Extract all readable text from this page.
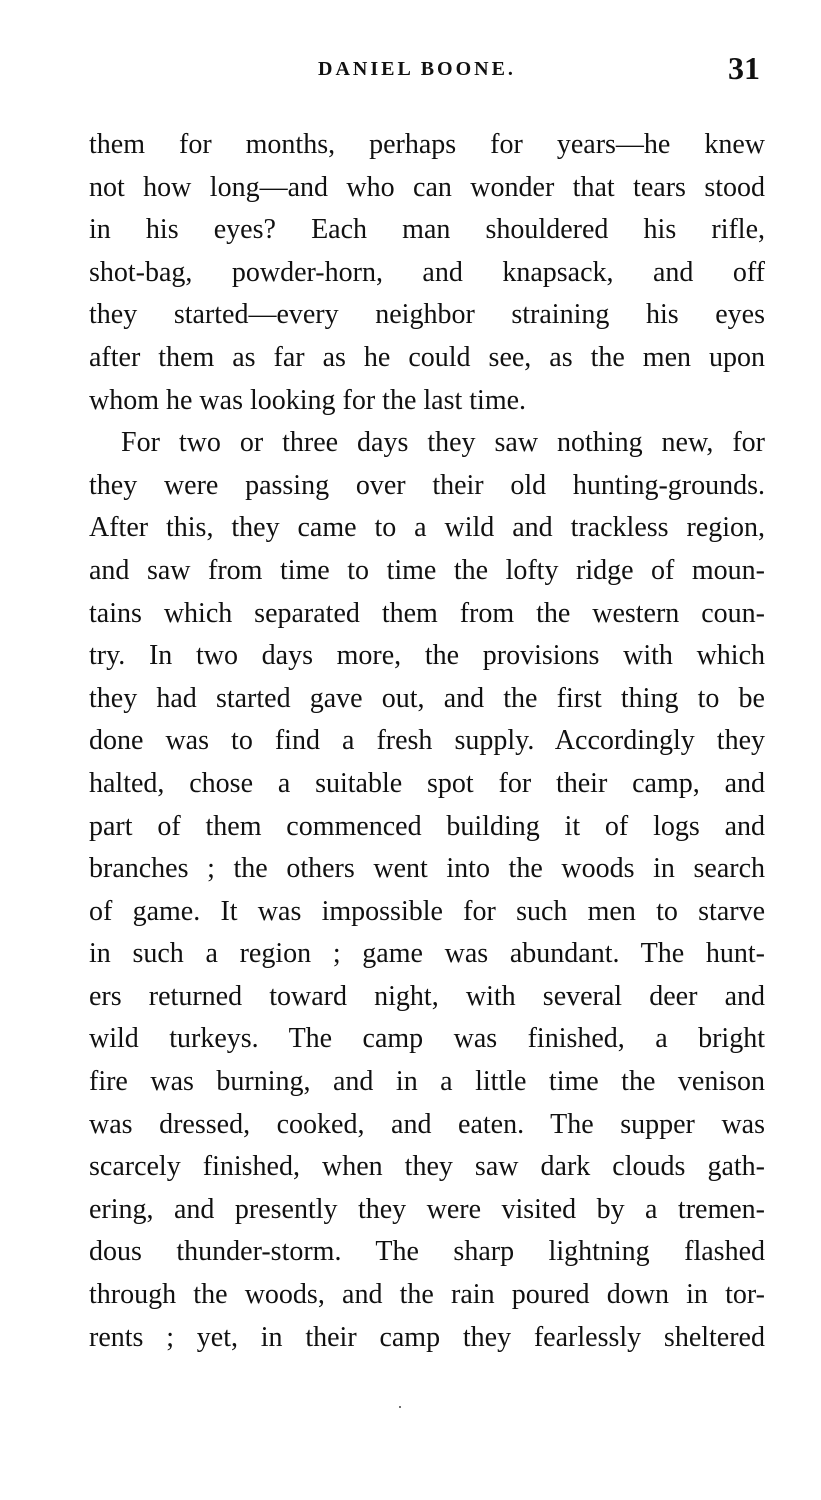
DANIEL BOONE.	31
them for months, perhaps for years—he knew
not how long—and who can wonder that tears stood
in his eyes? Each man shouldered his rifle,
shot-bag, powder-horn, and knapsack, and off
they started—every neighbor straining his eyes
after them as far as he could see, as the men upon
whom he was looking for the last time.
For two or three days they saw nothing new, for
they were passing over their old hunting-grounds.
After this, they came to a wild and trackless region,
and saw from time to time the lofty ridge of moun-
tains which separated them from the western coun-
try. In two days more, the provisions with which
they had started gave out, and the first thing to be
done was to find a fresh supply. Accordingly they
halted, chose a suitable spot for their camp, and
part of them commenced building it of logs and
branches ; the others went into the woods in search
of game. It was impossible for such men to starve
in such a region ; game was abundant. The hunt-
ers returned toward night, with several deer and
wild turkeys. The camp was finished, a bright
fire was burning, and in a little time the venison
was dressed, cooked, and eaten. The supper was
scarcely finished, when they saw dark clouds gath-
ering, and presently they were visited by a tremen-
dous thunder-storm. The sharp lightning flashed
through the woods, and the rain poured down in tor-
rents ; yet, in their camp they fearlessly sheltered
